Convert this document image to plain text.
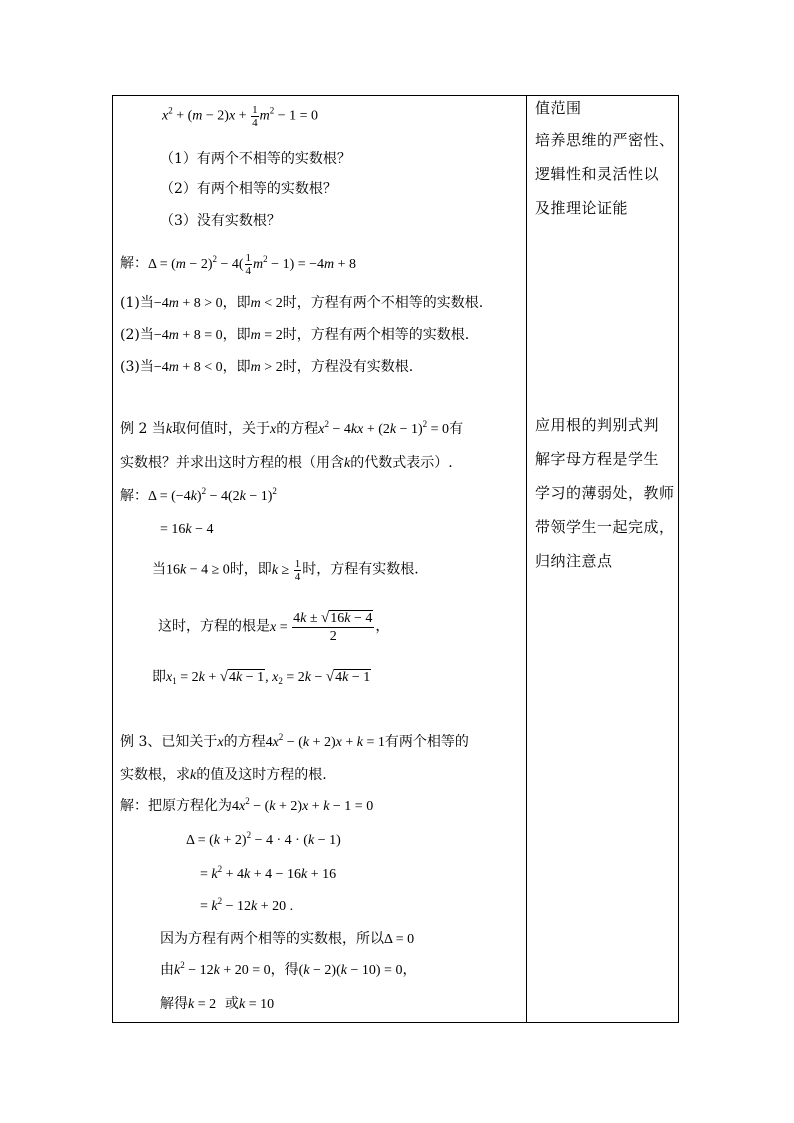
$x^2 + (m - 2)x + \frac{1}{4} m^2 - 1 = 0$
（1）有两个不相等的实数根？
（2）有两个相等的实数根？
（3）没有实数根？
解：$\Delta = (m - 2)^2 - 4( \frac{1}{4} m^2 - 1) = -4m + 8$
(1)当−4m + 8 > 0，即m < 2时，方程有两个不相等的实数根.
(2)当−4m + 8 = 0，即m = 2时，方程有两个相等的实数根.
(3)当−4m + 8 < 0，即m > 2时，方程没有实数根.
例 2 当k取何值时，关于x的方程$x^2 - 4kx + (2k - 1)^2 = 0$有
实数根？并求出这时方程的根（用含k的代数式表示）.
解：$\Delta = (-4k)^2 - 4(2k - 1)^2$
= 16k − 4
当16k − 4 ≥ 0时，即$k \ge \frac{1}{4}$ 时，方程有实数根.
这时，方程的根是$x = \frac{4k \pm √16k - 4}{2}$ ，
即$x_1 = 2k + √4k - 1$, $x_2 = 2k - √4k - 1$
例 3、已知关于x的方程$4x^2 - (k + 2)x + k = 1$有两个相等的
实数根，求k的值及这时方程的根.
解：把原方程化为$4x^2 - (k + 2)x + k - 1 = 0$
$\Delta = (k + 2)^2 - 4 \cdot 4 \cdot (k - 1)$
= $k^2 + 4k + 4 - 16k + 16$
= $k^2 - 12k + 20$ .
因为方程有两个相等的实数根，所以Δ = 0
由$k^2 - 12k + 20 = 0$，得(k − 2)(k − 10) = 0，
解得k = 2 或k = 10
值范围
培养思维的严密性、
逻辑性和灵活性以
及推理论证能
应用根的判别式判
解字母方程是学生
学习的薄弱处，教师
带领学生一起完成，
归纳注意点
